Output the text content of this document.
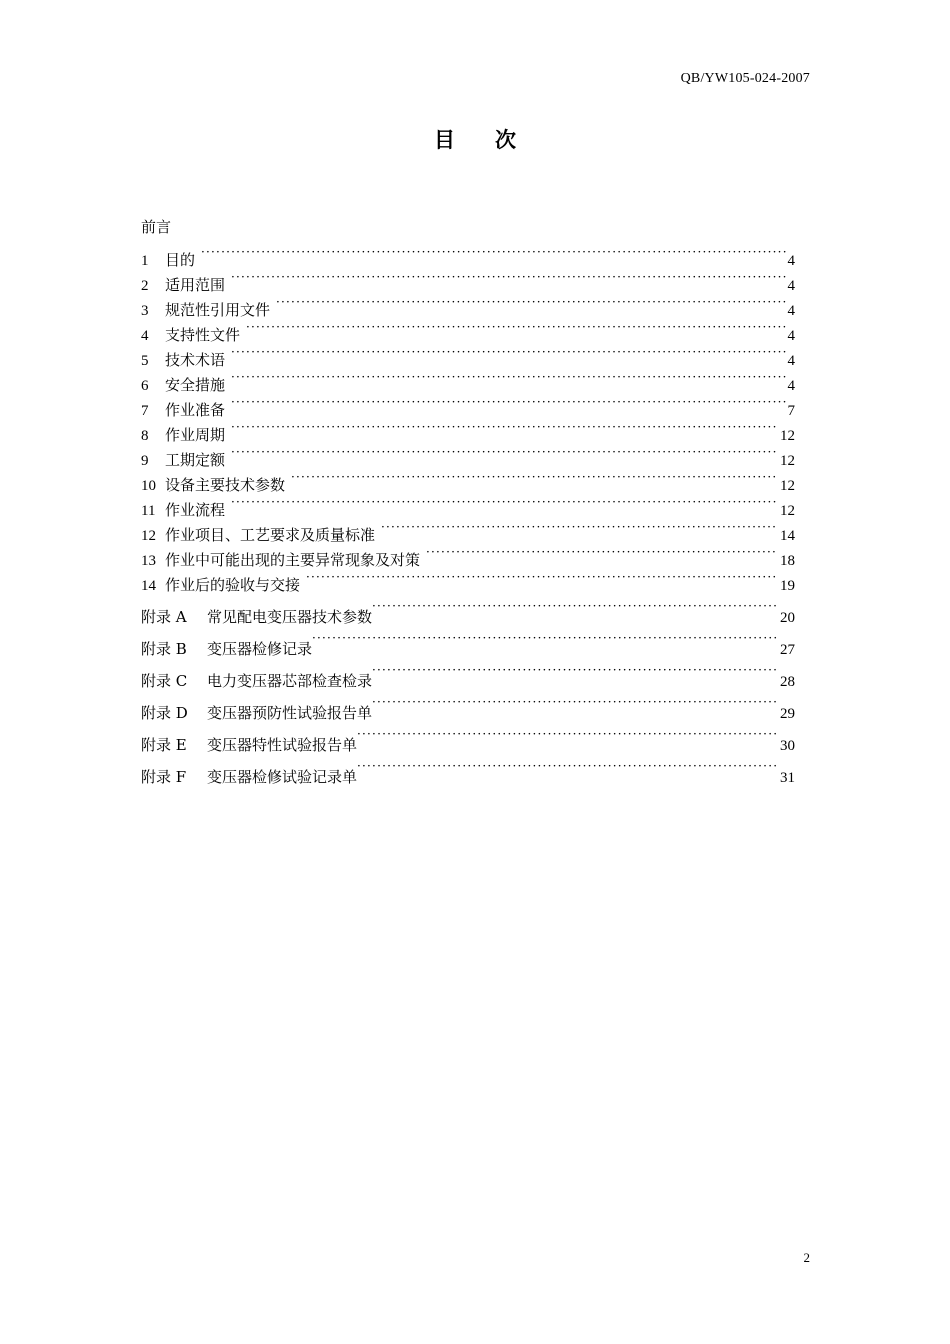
QB/YW105-024-2007
目 次
前言
1	目的 ·····	4
2	适用范围 ·····	4
3	规范性引用文件 ·····	4
4	支持性文件 ·····	4
5	技术术语 ·····	4
6	安全措施 ·····	4
7	作业准备 ·····	7
8	作业周期 ·····	12
9	工期定额 ·····	12
10 设备主要技术参数 ·····	12
11 作业流程 ·····	12
12 作业项目、工艺要求及质量标准 ·····	14
13 作业中可能出现的主要异常现象及对策 ·····	18
14 作业后的验收与交接 ·····	19
附录 A	常见配电变压器技术参数 ·····	20
附录 B	变压器检修记录 ·····	27
附录 C	电力变压器芯部检查检录 ·····	28
附录 D	变压器预防性试验报告单 ·····	29
附录 E	变压器特性试验报告单 ·····	30
附录 F	变压器检修试验记录单 ·····	31
2
